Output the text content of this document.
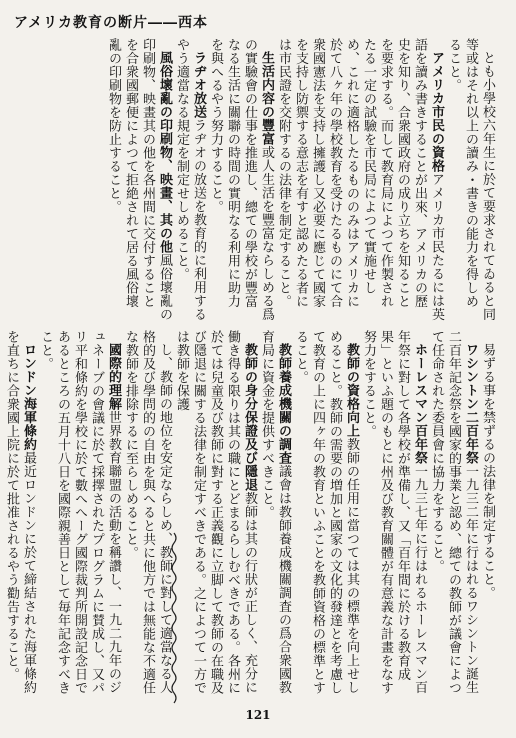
アメリカ教育の断片――西本

とも小學校六年生に於て要求されてゐると同等或はそれ以上の讀み・書きの能力を得しめること。

アメリカ市民の資格アメリカ市民たるには英語を讀み書きすることが出來、アメリカの歷史を知り、合衆國政府の成り立ちを知ることを要求する。而して教育局によつて作製されたる一定の試驗を市民局によつて實施せしめ、これに適格したるもののみはアメリカに於て八ヶ年の學校教育を受けたるものにて合衆國憲法を支持し擁護し又必要に應じて國家を支持し防禦する意志を有すと認めたる者には市民證を交附するの法律を制定すること。

生活内容の豐富或人生活を豐富ならしめる爲の實驗會の仕事を推進し、總ての學校が豐富なる生活に關聯の時間の實明なる利用に助力を與へるやう努力すること。

ラヂオ放送ラヂオの放送を教育的に利用するやう適當なる規定を制定せしめること。

風俗壞亂の印刷物、映畫、其の他風俗壞亂の印刷物、映畫其の他を各州間に交付することを合衆國郵便によつて拒絶されて居る風俗壞亂の印刷物を防止すること。

易ずる事を禁ずるの法律を制定すること。

ワシントン二百年祭一九三二年に行はれるワシントン誕生二百年記念祭を國家的事業と認め、總ての教師が議會によつて任命された委員會に協力をすること。

ホーレスマン百年祭一九三七年に行はれるホーレスマン百年祭に對して各學校が準備し、又「百年間に於ける教育成果」といふ題のもとに州及び教育關體が有意義な計畫をなす努力をすること。

教師の資格向上教師の任用に當つては其の標準を向上せしめること。教師の需要の増加と國家の文化的發達とを考慮して教育の上に四ヶ年の教育といふことを教師資格の標準とすること。

教師養成機關の調査議會は教師養成機關調査の爲合衆國教育局に資金を提供すべきこと。

教師の身分保證及び隱退教師は其の行狀が正しく、充分に働き得る限りは其の職にとどまるらしむべきである。各州に於ては兒童及び教師に對する正義觀に立脚して教師の在職及び隱退に關する法律を制定すべきである。之によつて一方では教師を保護

し、教師の地位を安定ならしめ、教師に對して適當なる人格的及び學問的の自由を與へると共に他方では無能な不適任な教師を排除するに至らしめること。

國際的理解世界教育聯盟の活動を稱讚し、一九二九年のジュネーブの會議に於て採擇されたプログラムに賛成し、又パリ平和條約を學校に於て數へへーグ國際裁判所開設記念日であるところの五月十八日を國際親善日として毎年記念すべきこと。

ロンドン海軍條約最近ロンドンに於て締結された海軍條約を直ちに合衆國上院に於て批准されるやう勸告すること。

121
